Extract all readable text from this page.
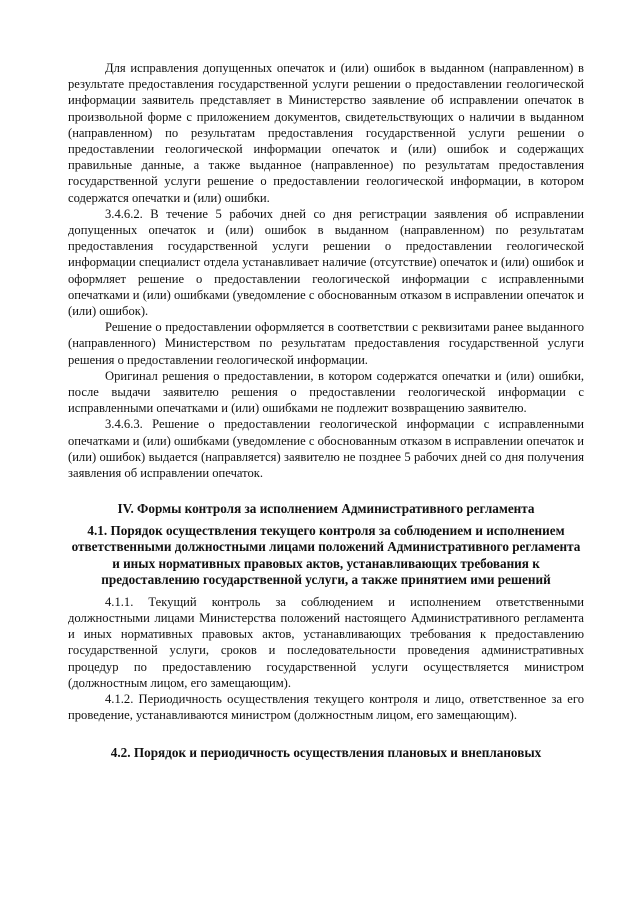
Для исправления допущенных опечаток и (или) ошибок в выданном (направленном) в результате предоставления государственной услуги решении о предоставлении геологической информации заявитель представляет в Министерство заявление об исправлении опечаток в произвольной форме с приложением документов, свидетельствующих о наличии в выданном (направленном) по результатам предоставления государственной услуги решении о предоставлении геологической информации опечаток и (или) ошибок и содержащих правильные данные, а также выданное (направленное) по результатам предоставления государственной услуги решение о предоставлении геологической информации, в котором содержатся опечатки и (или) ошибки.

3.4.6.2. В течение 5 рабочих дней со дня регистрации заявления об исправлении допущенных опечаток и (или) ошибок в выданном (направленном) по результатам предоставления государственной услуги решении о предоставлении геологической информации специалист отдела устанавливает наличие (отсутствие) опечаток и (или) ошибок и оформляет решение о предоставлении геологической информации с исправленными опечатками и (или) ошибками (уведомление с обоснованным отказом в исправлении опечаток и (или) ошибок).

Решение о предоставлении оформляется в соответствии с реквизитами ранее выданного (направленного) Министерством по результатам предоставления государственной услуги решения о предоставлении геологической информации.

Оригинал решения о предоставлении, в котором содержатся опечатки и (или) ошибки, после выдачи заявителю решения о предоставлении геологической информации с исправленными опечатками и (или) ошибками не подлежит возвращению заявителю.

3.4.6.3. Решение о предоставлении геологической информации с исправленными опечатками и (или) ошибками (уведомление с обоснованным отказом в исправлении опечаток и (или) ошибок) выдается (направляется) заявителю не позднее 5 рабочих дней со дня получения заявления об исправлении опечаток.

IV. Формы контроля за исполнением Административного регламента
4.1. Порядок осуществления текущего контроля за соблюдением и исполнением ответственными должностными лицами положений Административного регламента и иных нормативных правовых актов, устанавливающих требования к предоставлению государственной услуги, а также принятием ими решений

4.1.1. Текущий контроль за соблюдением и исполнением ответственными должностными лицами Министерства положений настоящего Административного регламента и иных нормативных правовых актов, устанавливающих требования к предоставлению государственной услуги, сроков и последовательности проведения административных процедур по предоставлению государственной услуги осуществляется министром (должностным лицом, его замещающим).

4.1.2. Периодичность осуществления текущего контроля и лицо, ответственное за его проведение, устанавливаются министром (должностным лицом, его замещающим).

4.2. Порядок и периодичность осуществления плановых и внеплановых
